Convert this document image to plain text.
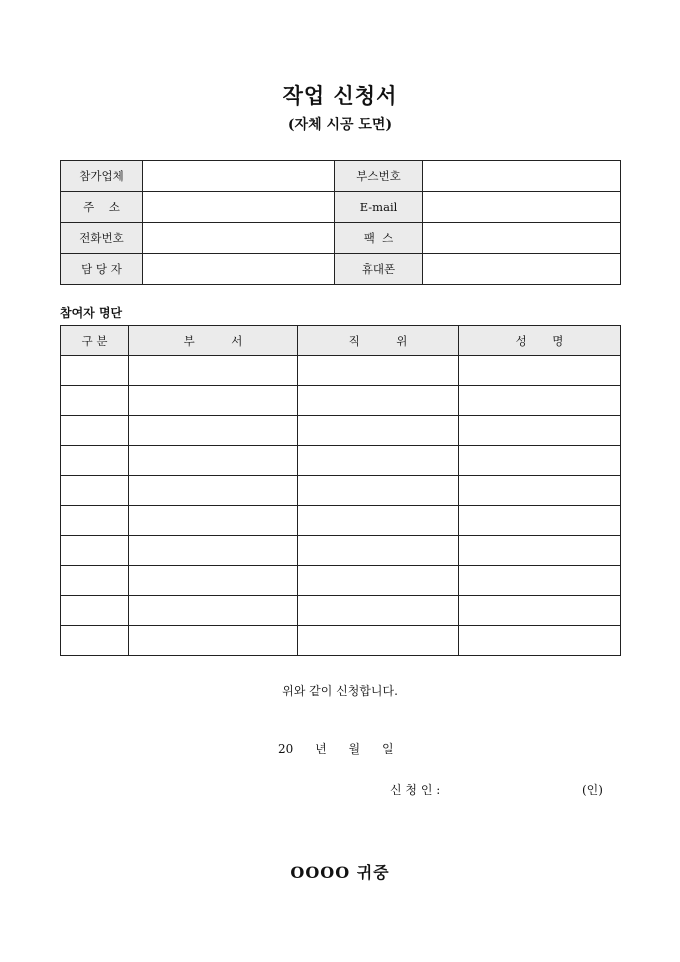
작업 신청서
(자체 시공 도면)
참가업체		부스번호	
주    소		E-mail	
전화번호		팩  스	
담 당 자		휴대폰	
참여자 명단
구 분	부          서	직          위	성       명

위와 같이 신청합니다.
20 년 월 일
신 청 인 :	(인)
OOOO 귀중
